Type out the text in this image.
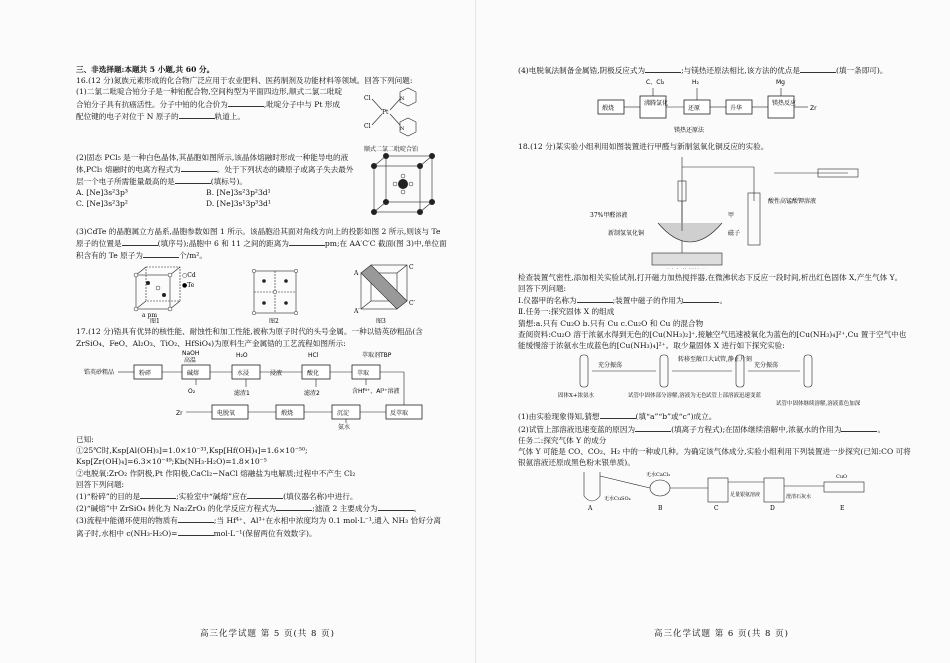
三、非选择题:本题共 5 小题,共 60 分。

16.(12 分)氮族元素形成的化合物广泛应用于农业肥料、医药制剂及功能材料等领域。回答下列问题:

(1)二氯二吡啶合铂分子是一种铂配合物,空间构型为平面四边形,顺式二氯二吡啶合铂分子具有抗癌活性。分子中铂的化合价为	,吡啶分子中与 Pt 形成配位键的电子对位于 N 原子的	轨道上。

Cl
Cl
Pt
N
N
顺式二氯二吡啶合铂

(2)固态 PCl₅ 是一种白色晶体,其晶胞如图所示,该晶体熔融时形成一种能导电的液体,PCl₅ 熔融时的电离方程式为	。处于下列状态的磷原子或离子失去最外层一个电子所需能量最高的是	(填标号)。

A. [Ne]3s²3p³	B. [Ne]3s²3p²3d¹
C. [Ne]3s²3p²	D. [Ne]3s¹3p³3d¹

(3)CdTe 的晶胞属立方晶系,晶胞参数如图 1 所示。该晶胞沿其面对角线方向上的投影如图 2 所示,则该与 Te 原子的位置是	(填序号);晶胞中 6 和 11 之间的距离为	pm;在 AA′C′C 截面(图 3)中,单位面积含有的 Te 原子为	个/m²。

○Cd
●Te
a pm
图1	图2
A
C
A′
C′
图3

17.(12 分)锆具有优异的核性能、耐蚀性和加工性能,被称为原子时代的头号金属。一种以锆英砂粗品(含 ZrSiO₄、FeO、Al₂O₃、TiO₂、HfSiO₄)为原料生产金属锆的工艺流程如图所示:

锆英砂粗品	粉碎	碱熔	水浸	酸化	萃取
反萃取
沉淀
煅烧
电脱氧
Zr
NaOH
高温
H₂O	HCl	萃取剂TBP
O₂	滤渣1
浸液
滤渣2	含Hf⁴⁺、Al³⁺溶液
氨水

已知:

①25℃时,Ksp[Al(OH)₃]=1.0×10⁻³³,Ksp[Hf(OH)₄]=1.6×10⁻⁵⁰;

Ksp[Zr(OH)₄]=6.3×10⁻⁴⁹;Kb(NH₃·H₂O)=1.8×10⁻⁵

②电脱氧:ZrO₂ 作阴极,Pt 作阳极,CaCl₂−NaCl 熔融盐为电解质;过程中不产生 Cl₂

回答下列问题:

(1)“粉碎”的目的是	;实验室中“碱熔”应在	(填仪器名称)中进行。

(2)“碱熔”中 ZrSiO₄ 转化为 Na₂ZrO₃ 的化学反应方程式为	;滤渣 2 主要成分为	。

(3)流程中能循环使用的物质有	;当 Hf⁴⁺、Al³⁺在水相中浓度均为 0.1 mol·L⁻¹,通入 NH₃ 恰好分离离子时,水相中 c(NH₃·H₂O)=	mol·L⁻¹(保留两位有效数字)。

高三化学试题 第 5 页(共 8 页)

(4)电脱氧法制备金属锆,阴极反应式为	;与镁热还原法相比,该方法的优点是	(填一条即可)。

煅烧
沸腾氯化
还原	升华
镁热反应
Zr
C、Cl₂	H₂	Mg
镁热还原法

18.(12 分)某实验小组利用如图装置进行甲醛与新制氢氧化铜反应的实验。

37%甲醛溶液
新制氢氧化铜	磁子
甲
酸性高锰酸钾溶液

检查装置气密性,添加相关实验试剂,打开磁力加热搅拌器,在微沸状态下反应一段时间,析出红色固体 X,产生气体 Y。

回答下列问题:

Ⅰ.仪器甲的名称为	;装置中磁子的作用为	。

Ⅱ.任务一:探究固体 X 的组成

猜想:a.只有 Cu₂O b.只有 Cu c.Cu₂O 和 Cu 的混合物

查阅资料:Cu₂O 溶于浓氨水得到无色的[Cu(NH₃)₂]⁺,接触空气迅速被氧化为蓝色的[Cu(NH₃)₄]²⁺,Cu 置于空气中也能缓慢溶于浓氨水生成蓝色的[Cu(NH₃)₄]²⁺。取少量固体 X 进行如下探究实验:

充分振荡
转移至敞口大试管,静止片刻
充分振荡
固体X+浓氨水	试管中固体部分溶解,溶液为无色 试管上部溶液迅速变蓝
试管中固体继续溶解,溶液蓝色加深

(1)由实验现象得知,猜想	(填“a”“b”或“c”)成立。

(2)试管上部溶液迅速变蓝的原因为	(填离子方程式);在固体继续溶解中,浓氨水的作用为	。

任务二:探究气体 Y 的成分

气体 Y 可能是 CO、CO₂、H₂ 中的一种或几种。为确定该气体成分,实验小组利用下列装置进一步探究(已知:CO 可将银氨溶液还原成黑色粉末银单质)。

A	B	C	D	E
无水CuSO₄
无水CaCl₂
足量银氨溶液	澄清石灰水
CuO
高三化学试题 第 6 页(共 8 页)
